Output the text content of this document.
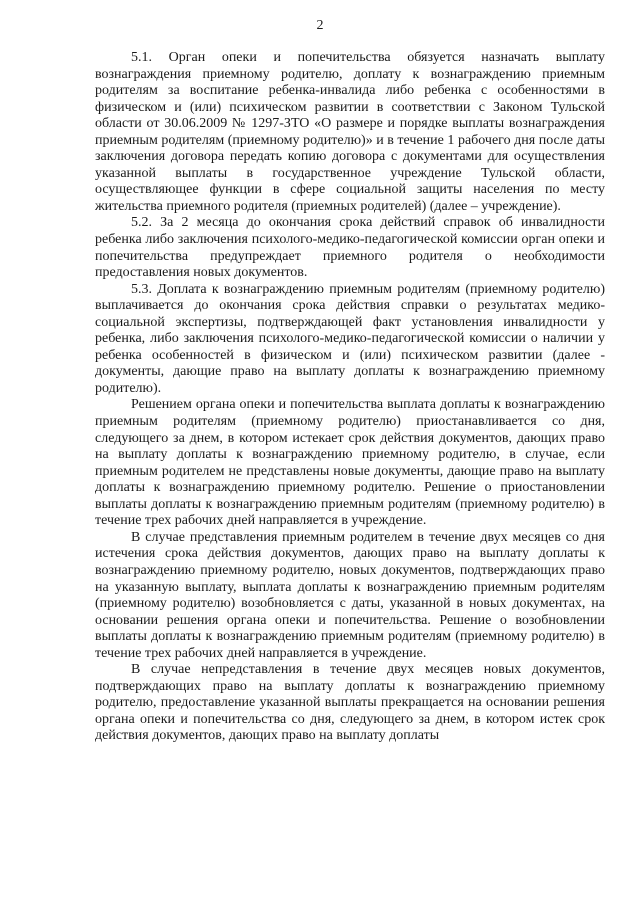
2

5.1. Орган опеки и попечительства обязуется назначать выплату вознаграждения приемному родителю, доплату к вознаграждению приемным родителям за воспитание ребенка-инвалида либо ребенка с особенностями в физическом и (или) психическом развитии в соответствии с Законом Тульской области от 30.06.2009 № 1297-ЗТО «О размере и порядке выплаты вознаграждения приемным родителям (приемному родителю)» и в течение 1 рабочего дня после даты заключения договора передать копию договора с документами для осуществления указанной выплаты в государственное учреждение Тульской области, осуществляющее функции в сфере социальной защиты населения по месту жительства приемного родителя (приемных родителей) (далее – учреждение).

5.2. За 2 месяца до окончания срока действий справок об инвалидности ребенка либо заключения психолого-медико-педагогической комиссии орган опеки и попечительства предупреждает приемного родителя о необходимости предоставления новых документов.

5.3. Доплата к вознаграждению приемным родителям (приемному родителю) выплачивается до окончания срока действия справки о результатах медико-социальной экспертизы, подтверждающей факт установления инвалидности у ребенка, либо заключения психолого-медико-педагогической комиссии о наличии у ребенка особенностей в физическом и (или) психическом развитии (далее - документы, дающие право на выплату доплаты к вознаграждению приемному родителю).

Решением органа опеки и попечительства выплата доплаты к вознаграждению приемным родителям (приемному родителю) приостанавливается со дня, следующего за днем, в котором истекает срок действия документов, дающих право на выплату доплаты к вознаграждению приемному родителю, в случае, если приемным родителем не представлены новые документы, дающие право на выплату доплаты к вознаграждению приемному родителю. Решение о приостановлении выплаты доплаты к вознаграждению приемным родителям (приемному родителю) в течение трех рабочих дней направляется в учреждение.

В случае представления приемным родителем в течение двух месяцев со дня истечения срока действия документов, дающих право на выплату доплаты к вознаграждению приемному родителю, новых документов, подтверждающих право на указанную выплату, выплата доплаты к вознаграждению приемным родителям (приемному родителю) возобновляется с даты, указанной в новых документах, на основании решения органа опеки и попечительства. Решение о возобновлении выплаты доплаты к вознаграждению приемным родителям (приемному родителю) в течение трех рабочих дней направляется в учреждение.

В случае непредставления в течение двух месяцев новых документов, подтверждающих право на выплату доплаты к вознаграждению приемному родителю, предоставление указанной выплаты прекращается на основании решения органа опеки и попечительства со дня, следующего за днем, в котором истек срок действия документов, дающих право на выплату доплаты
